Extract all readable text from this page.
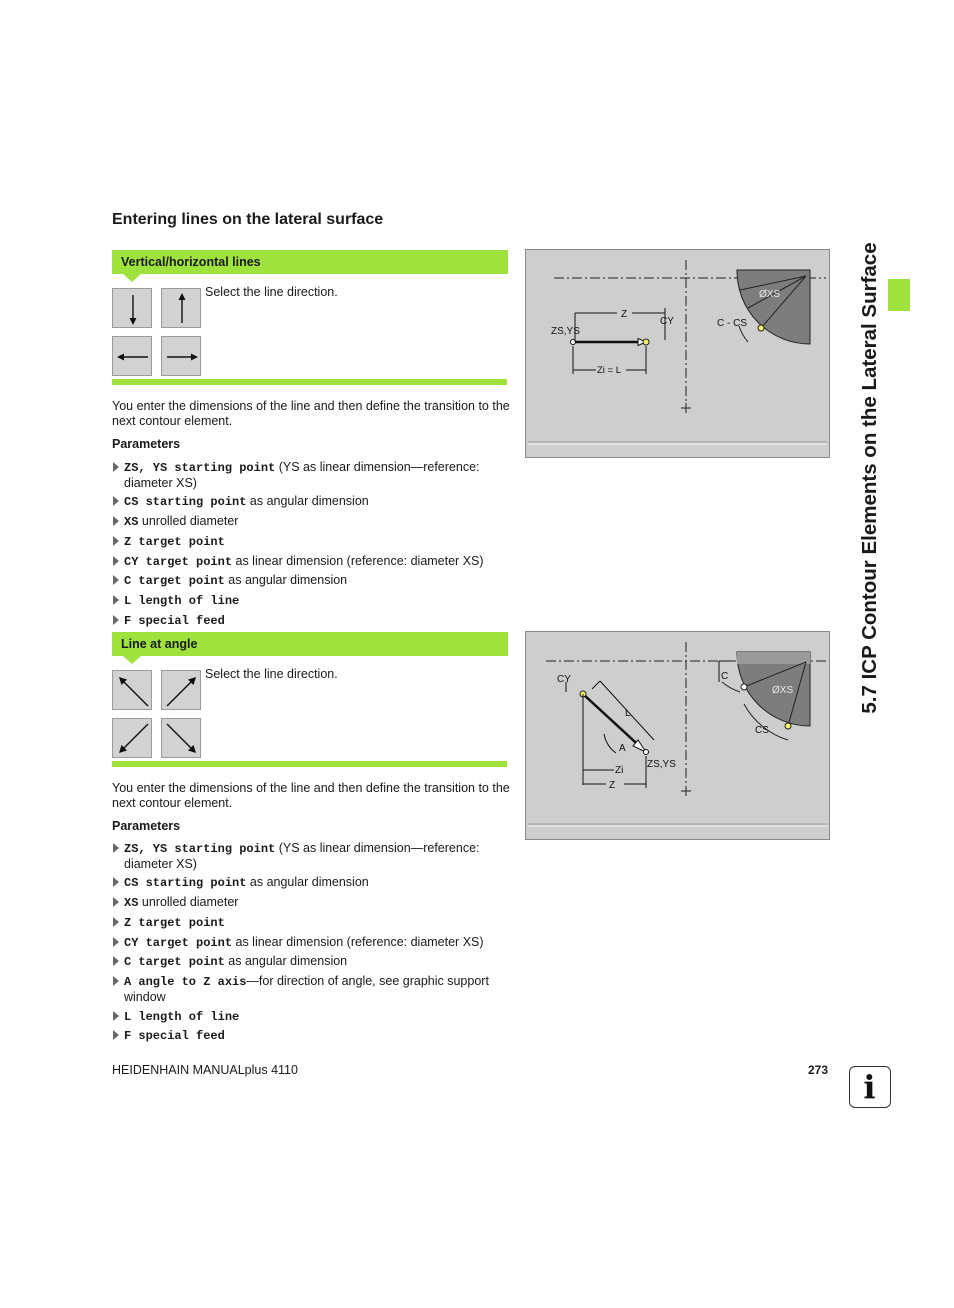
Entering lines on the lateral surface
5.7 ICP Contour Elements on the Lateral Surface
Vertical/horizontal lines
Select the line direction.
You enter the dimensions of the line and then define the transition to the next contour element.
Parameters
ZS, YS starting point (YS as linear dimension—reference: diameter XS)
CS starting point as angular dimension
XS unrolled diameter
Z target point
CY target point as linear dimension (reference: diameter XS)
C target point as angular dimension
L length of line
F special feed
ØXS
C - CS
ZS,YS
Z
CY
Zi = L
Line at angle
Select the line direction.
You enter the dimensions of the line and then define the transition to the next contour element.
Parameters
ZS, YS starting point (YS as linear dimension—reference: diameter XS)
CS starting point as angular dimension
XS unrolled diameter
Z target point
CY target point as linear dimension (reference: diameter XS)
C target point as angular dimension
A angle to Z axis—for direction of angle, see graphic support window
L length of line
F special feed
ØXS
C
CS
L
A
CY
Zi
Z
ZS,YS
HEIDENHAIN MANUALplus 4110	273	i
